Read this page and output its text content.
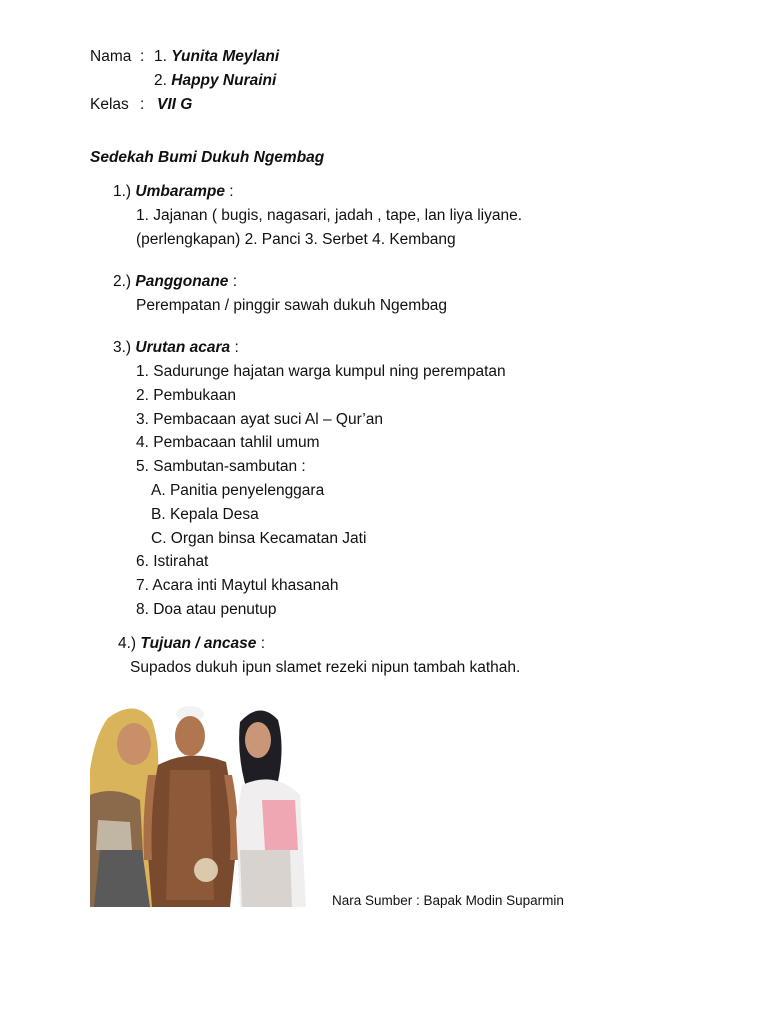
Nama : 1. Yunita Meylani
2. Happy Nuraini
Kelas : VII G
Sedekah Bumi Dukuh Ngembag
1.) Umbarampe :
1. Jajanan ( bugis, nagasari, jadah , tape, lan liya liyane.
(perlengkapan) 2. Panci 3. Serbet 4. Kembang
2.) Panggonane :
Perempatan / pinggir sawah dukuh Ngembag
3.) Urutan acara :
1. Sadurunge hajatan warga kumpul ning perempatan
2. Pembukaan
3. Pembacaan ayat suci Al – Qur’an
4. Pembacaan tahlil umum
5. Sambutan-sambutan :
A. Panitia penyelenggara
B. Kepala Desa
C. Organ binsa Kecamatan Jati
6. Istirahat
7. Acara inti Maytul khasanah
8. Doa atau penutup
4.) Tujuan / ancase :
Supados dukuh ipun slamet rezeki nipun tambah kathah.
Nara Sumber : Bapak Modin Suparmin
